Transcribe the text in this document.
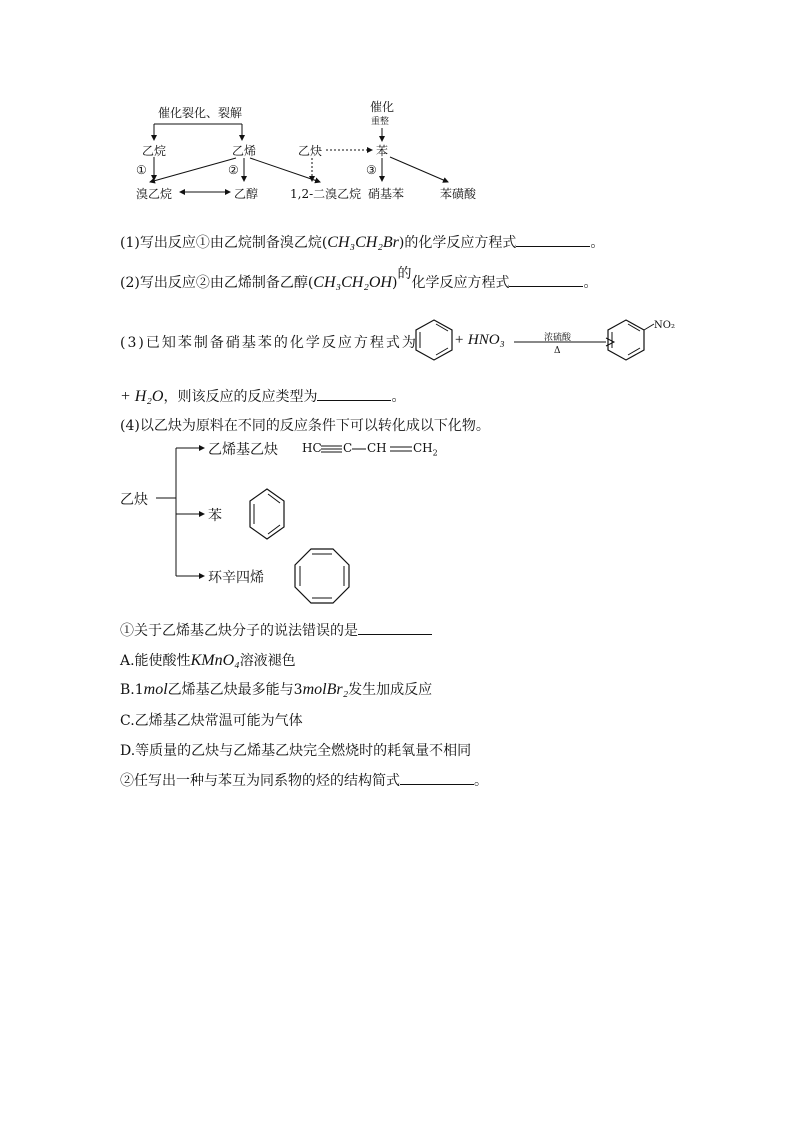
催化裂化、裂解
乙烷	乙烯	乙炔
催化
重整
苯
①	②	③
溴乙烷	乙醇	1,2-二溴乙烷 硝基苯	苯磺酸
(1)写出反应①由乙烷制备溴乙烷(CH₃CH₂Br)的化学反应方程式	。
(2)写出反应②由乙烯制备乙醇(CH₃CH₂OH)的化学反应方程式	。
(3)已知苯制备硝基苯的化学反应方程式为 + HNO₃	浓硫酸
Δ
NO₂
+ H₂O，则该反应的反应类型为	。
(4)以乙炔为原料在不同的反应条件下可以转化成以下化物。
乙炔
乙烯基乙炔 HC C CH $CH_2$
苯
环辛四烯
①关于乙烯基乙炔分子的说法错误的是
A.能使酸性KMnO₄溶液褪色
B.1mol乙烯基乙炔最多能与3molBr₂发生加成反应
C.乙烯基乙炔常温可能为气体
D.等质量的乙炔与乙烯基乙炔完全燃烧时的耗氧量不相同
②任写出一种与苯互为同系物的烃的结构简式	。
